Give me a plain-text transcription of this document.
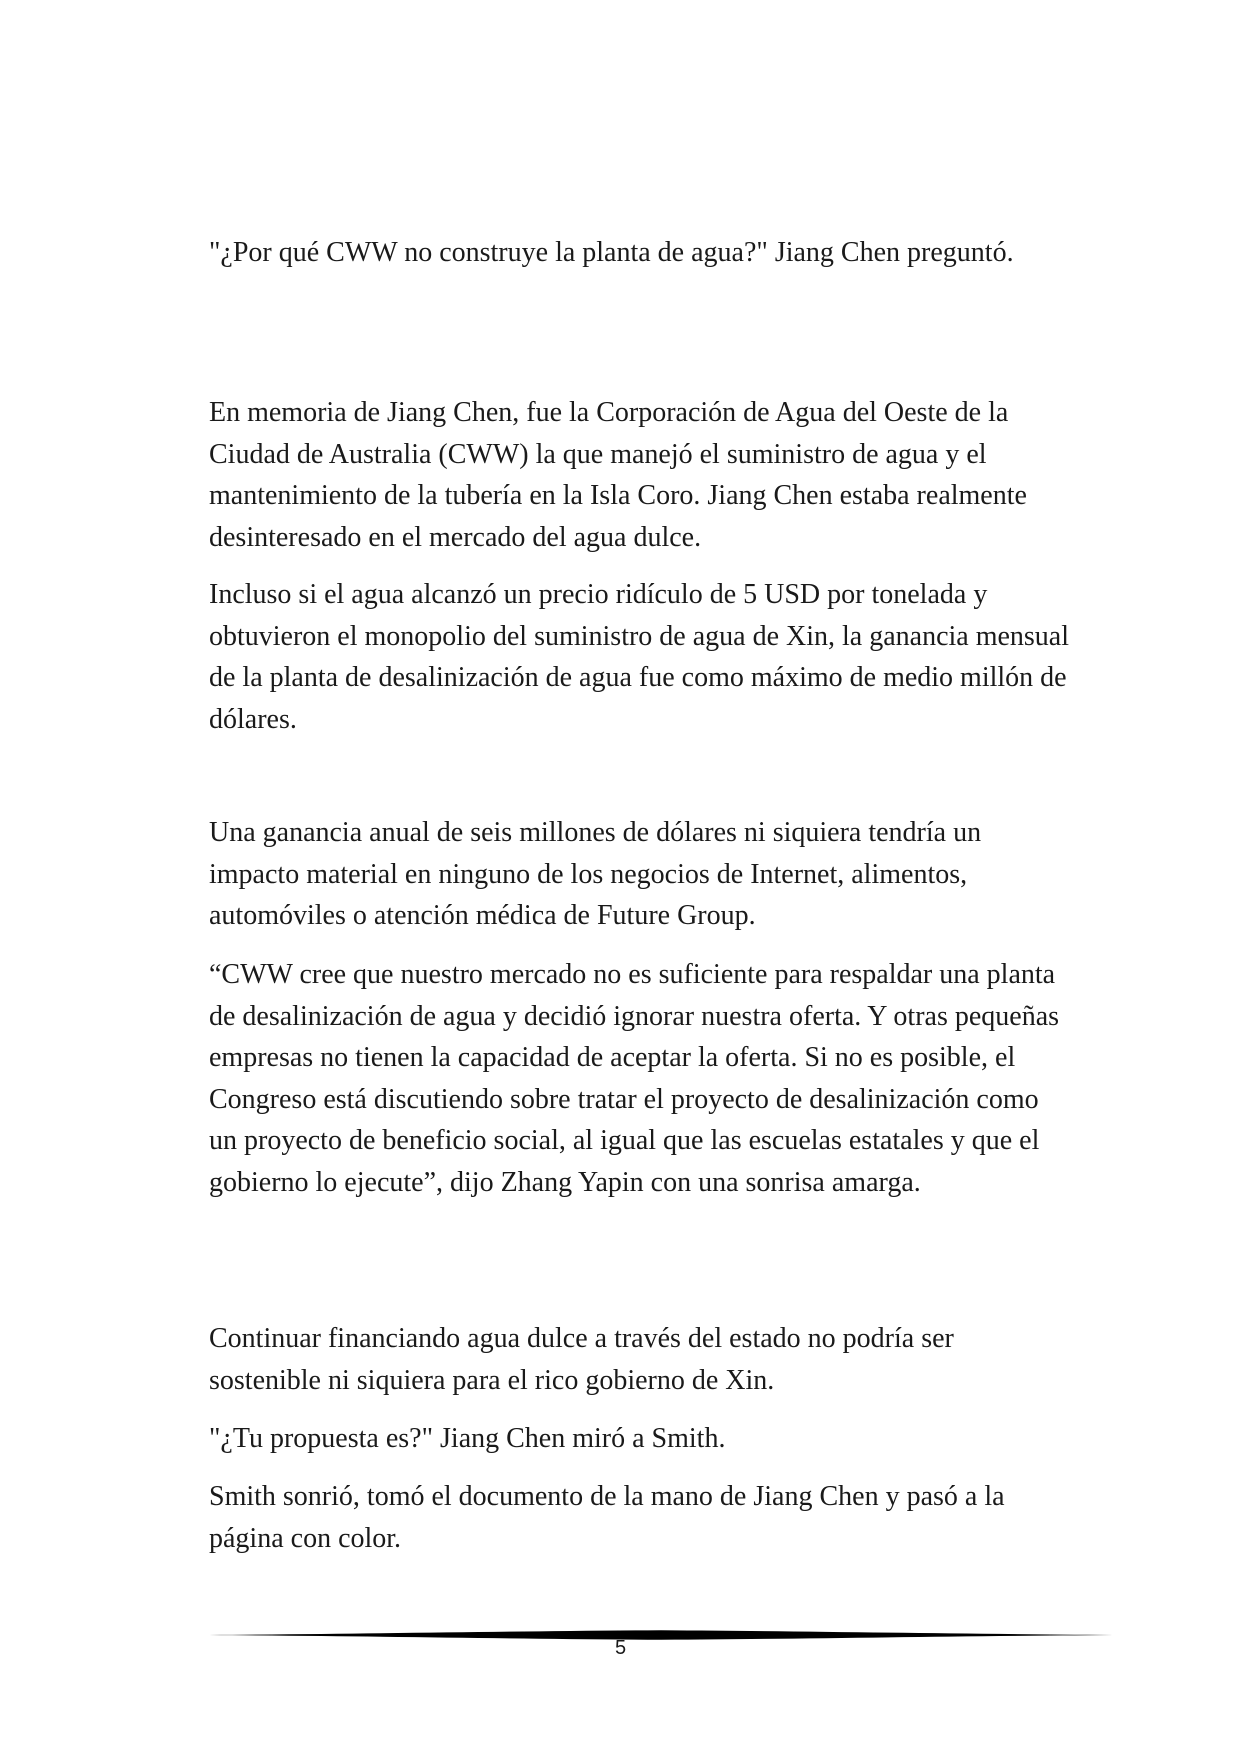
"¿Por qué CWW no construye la planta de agua?" Jiang Chen preguntó.

En memoria de Jiang Chen, fue la Corporación de Agua del Oeste de la Ciudad de Australia (CWW) la que manejó el suministro de agua y el mantenimiento de la tubería en la Isla Coro. Jiang Chen estaba realmente desinteresado en el mercado del agua dulce.

Incluso si el agua alcanzó un precio ridículo de 5 USD por tonelada y obtuvieron el monopolio del suministro de agua de Xin, la ganancia mensual de la planta de desalinización de agua fue como máximo de medio millón de dólares.

Una ganancia anual de seis millones de dólares ni siquiera tendría un impacto material en ninguno de los negocios de Internet, alimentos, automóviles o atención médica de Future Group.

“CWW cree que nuestro mercado no es suficiente para respaldar una planta de desalinización de agua y decidió ignorar nuestra oferta. Y otras pequeñas empresas no tienen la capacidad de aceptar la oferta. Si no es posible, el Congreso está discutiendo sobre tratar el proyecto de desalinización como un proyecto de beneficio social, al igual que las escuelas estatales y que el gobierno lo ejecute”, dijo Zhang Yapin con una sonrisa amarga.

Continuar financiando agua dulce a través del estado no podría ser sostenible ni siquiera para el rico gobierno de Xin.

"¿Tu propuesta es?" Jiang Chen miró a Smith.

Smith sonrió, tomó el documento de la mano de Jiang Chen y pasó a la página con color.

5
